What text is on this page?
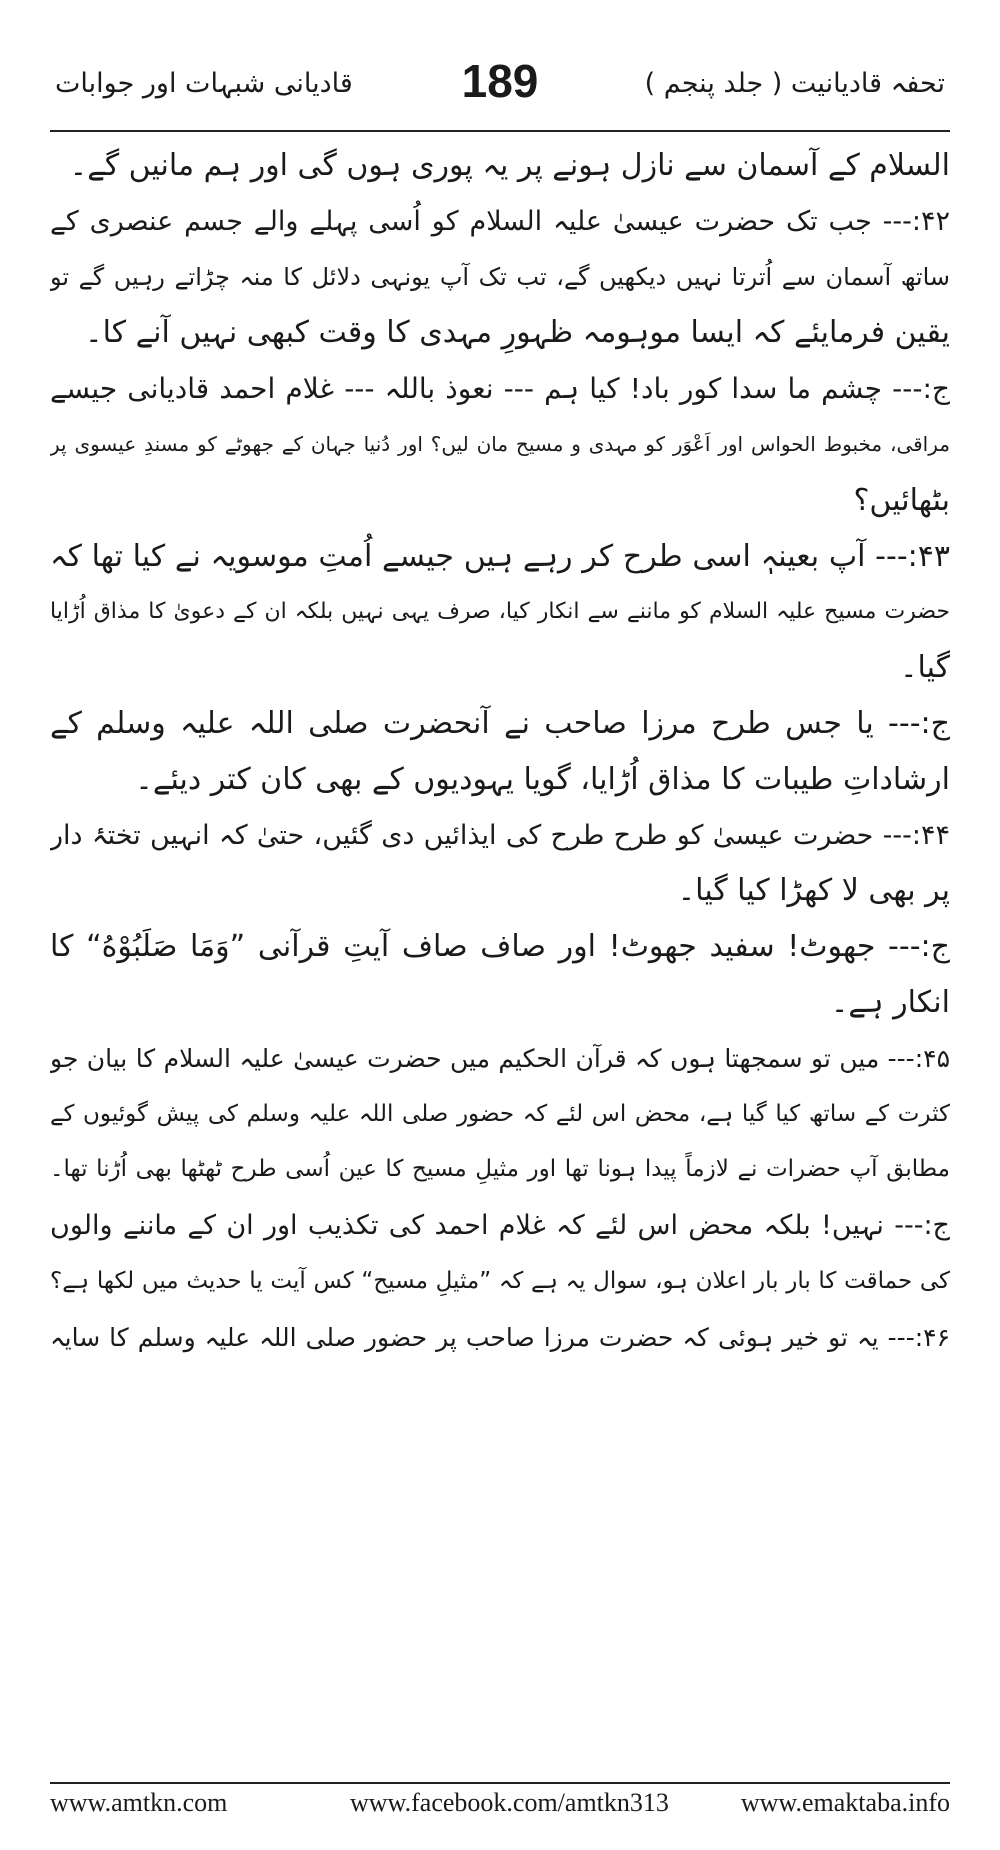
تحفہ قادیانیت ( جلد پنجم )
189
قادیانی شبہات اور جوابات
السلام کے آسمان سے نازل ہونے پر یہ پوری ہوں گی اور ہم مانیں گے۔
۴۲:--- جب تک حضرت عیسیٰ علیہ السلام کو اُسی پہلے والے جسم عنصری کے
ساتھ آسمان سے اُترتا نہیں دیکھیں گے، تب تک آپ یونہی دلائل کا منہ چڑاتے رہیں گے تو
یقین فرمایئے کہ ایسا موہومہ ظہورِ مہدی کا وقت کبھی نہیں آنے کا۔
ج:--- چشم ما سدا کور باد! کیا ہم --- نعوذ باللہ --- غلام احمد قادیانی جیسے
مراقی، مخبوط الحواس اور اَعْوَر کو مہدی و مسیح مان لیں؟ اور دُنیا جہان کے جھوٹے کو مسندِ عیسوی پر
بٹھائیں؟
۴۳:--- آپ بعینہٖ اسی طرح کر رہے ہیں جیسے اُمتِ موسویہ نے کیا تھا کہ
حضرت مسیح علیہ السلام کو ماننے سے انکار کیا، صرف یہی نہیں بلکہ ان کے دعویٰ کا مذاق اُڑایا
گیا۔
ج:--- یا جس طرح مرزا صاحب نے آنحضرت صلی اللہ علیہ وسلم کے
ارشاداتِ طیبات کا مذاق اُڑایا، گویا یہودیوں کے بھی کان کتر دیئے۔
۴۴:--- حضرت عیسیٰ کو طرح طرح کی ایذائیں دی گئیں، حتیٰ کہ انہیں تختۂ دار
پر بھی لا کھڑا کیا گیا۔
ج:--- جھوٹ! سفید جھوٹ! اور صاف صاف آیتِ قرآنی ”وَمَا صَلَبُوْهُ“ کا
انکار ہے۔
۴۵:--- میں تو سمجھتا ہوں کہ قرآن الحکیم میں حضرت عیسیٰ علیہ السلام کا بیان جو
کثرت کے ساتھ کیا گیا ہے، محض اس لئے کہ حضور صلی اللہ علیہ وسلم کی پیش گوئیوں کے
مطابق آپ حضرات نے لازماً پیدا ہونا تھا اور مثیلِ مسیح کا عین اُسی طرح ٹھٹھا بھی اُڑنا تھا۔
ج:--- نہیں! بلکہ محض اس لئے کہ غلام احمد کی تکذیب اور ان کے ماننے والوں
کی حماقت کا بار بار اعلان ہو، سوال یہ ہے کہ ”مثیلِ مسیح“ کس آیت یا حدیث میں لکھا ہے؟
۴۶:--- یہ تو خیر ہوئی کہ حضرت مرزا صاحب پر حضور صلی اللہ علیہ وسلم کا سایہ
www.amtkn.com	www.facebook.com/amtkn313	www.emaktaba.info
